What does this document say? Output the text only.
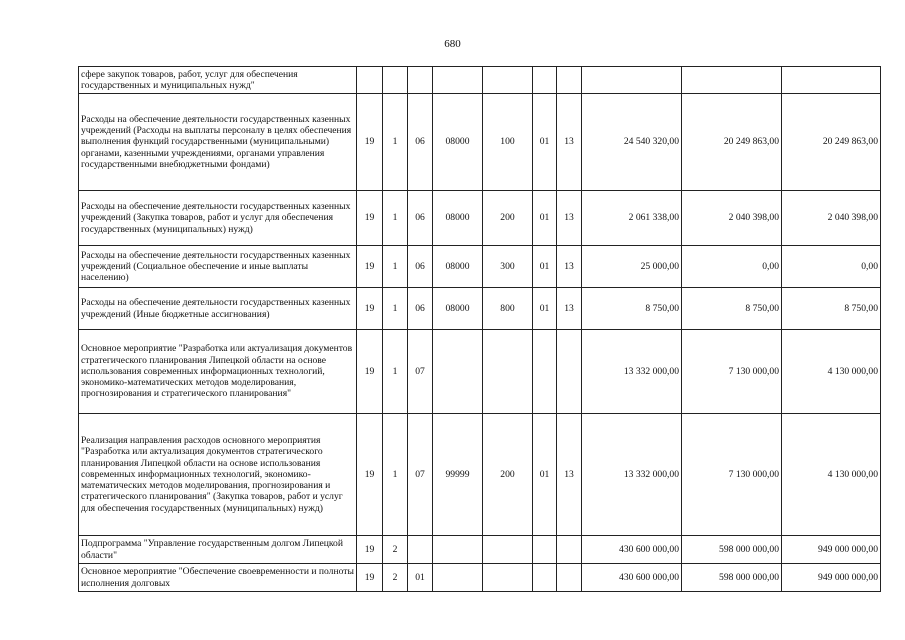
680
сфере закупок товаров, работ, услуг для обеспечения государственных и муниципальных нужд"										
Расходы на обеспечение деятельности государственных казенных учреждений (Расходы на выплаты персоналу в целях обеспечения выполнения функций государственными (муниципальными) органами, казенными учреждениями, органами управления государственными внебюджетными фондами)	19	1	06	08000	100	01	13	24 540 320,00	20 249 863,00	20 249 863,00
Расходы на обеспечение деятельности государственных казенных учреждений (Закупка товаров, работ и услуг для обеспечения государственных (муниципальных) нужд)	19	1	06	08000	200	01	13	2 061 338,00	2 040 398,00	2 040 398,00
Расходы на обеспечение деятельности государственных казенных учреждений (Социальное обеспечение и иные выплаты населению)	19	1	06	08000	300	01	13	25 000,00	0,00	0,00
Расходы на обеспечение деятельности государственных казенных учреждений (Иные бюджетные ассигнования)	19	1	06	08000	800	01	13	8 750,00	8 750,00	8 750,00
Основное мероприятие "Разработка или актуализация документов стратегического планирования Липецкой области на основе использования современных информационных технологий, экономико-математических методов моделирования, прогнозирования и стратегического планирования"	19	1	07					13 332 000,00	7 130 000,00	4 130 000,00
Реализация направления расходов основного мероприятия "Разработка или актуализация документов стратегического планирования Липецкой области на основе использования современных информационных технологий, экономико-математических методов моделирования, прогнозирования и стратегического планирования" (Закупка товаров, работ и услуг для обеспечения государственных (муниципальных) нужд)	19	1	07	99999	200	01	13	13 332 000,00	7 130 000,00	4 130 000,00
Подпрограмма "Управление государственным долгом Липецкой области"	19	2						430 600 000,00	598 000 000,00	949 000 000,00
Основное мероприятие "Обеспечение своевременности и полноты исполнения долговых	19	2	01					430 600 000,00	598 000 000,00	949 000 000,00
